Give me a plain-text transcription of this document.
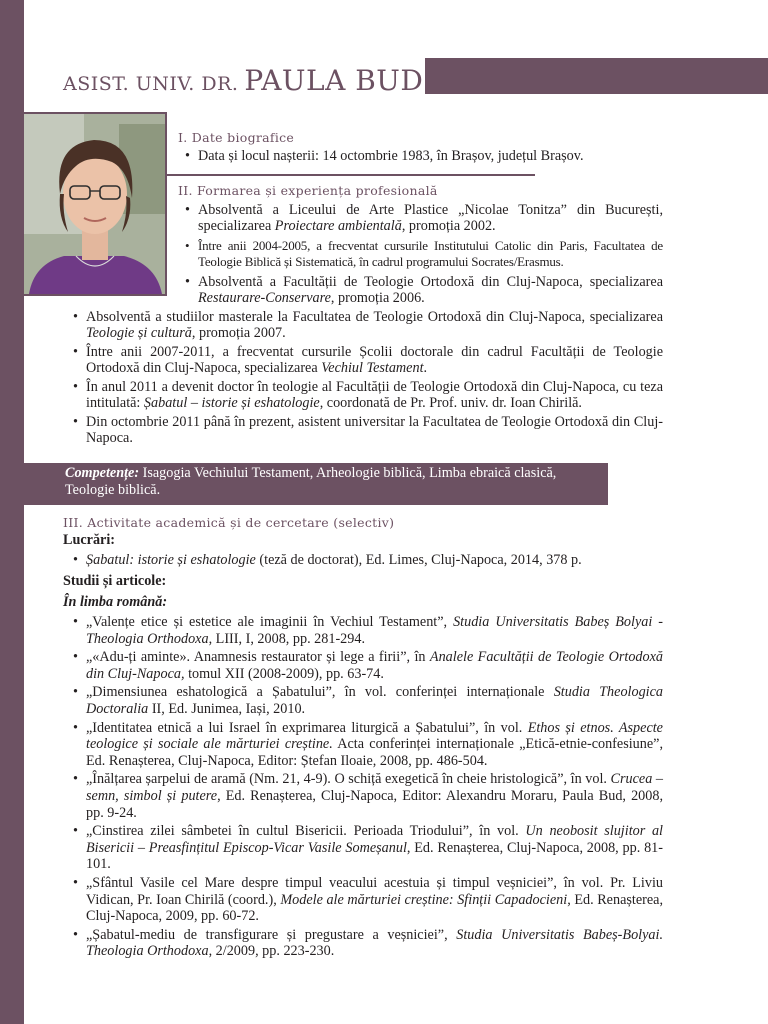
ASIST. UNIV. DR. PAULA BUD
I. Date biografice
• Data și locul nașterii: 14 octombrie 1983, în Brașov, județul Brașov.
II. Formarea și experiența profesională
• Absolventă a Liceului de Arte Plastice „Nicolae Tonitza” din București, specializarea Proiectare ambientală, promoția 2002.
• Între anii 2004-2005, a frecventat cursurile Institutului Catolic din Paris, Facultatea de Teologie Biblică și Sistematică, în cadrul programului Socrates/Erasmus.
• Absolventă a Facultății de Teologie Ortodoxă din Cluj-Napoca, specializarea Restaurare-Conservare, promoția 2006.
• Absolventă a studiilor masterale la Facultatea de Teologie Ortodoxă din Cluj-Napoca, specializarea Teologie și cultură, promoția 2007.
• Între anii 2007-2011, a frecventat cursurile Școlii doctorale din cadrul Facultății de Teologie Ortodoxă din Cluj-Napoca, specializarea Vechiul Testament.
• În anul 2011 a devenit doctor în teologie al Facultății de Teologie Ortodoxă din Cluj-Napoca, cu teza intitulată: Șabatul – istorie și eshatologie, coordonată de Pr. Prof. univ. dr. Ioan Chirilă.
• Din octombrie 2011 până în prezent, asistent universitar la Facultatea de Teologie Ortodoxă din Cluj-Napoca.
Competențe: Isagogia Vechiului Testament, Arheologie biblică, Limba ebraică clasică, Teologie biblică.
III. Activitate academică și de cercetare (selectiv)

Lucrări:

• Șabatul: istorie și eshatologie (teză de doctorat), Ed. Limes, Cluj-Napoca, 2014, 378 p.

Studii și articole:

În limba română:

• „Valențe etice și estetice ale imaginii în Vechiul Testament”, Studia Universitatis Babeș Bolyai - Theologia Orthodoxa, LIII, I, 2008, pp. 281-294.
• „«Adu-ți aminte». Anamnesis restaurator și lege a firii”, în Analele Facultății de Teologie Ortodoxă din Cluj-Napoca, tomul XII (2008-2009), pp. 63-74.
• „Dimensiunea eshatologică a Șabatului”, în vol. conferinței internaționale Studia Theologica Doctoralia II, Ed. Junimea, Iași, 2010.
• „Identitatea etnică a lui Israel în exprimarea liturgică a Șabatului”, în vol. Ethos și etnos. Aspecte teologice și sociale ale mărturiei creștine. Acta conferinței internaționale „Etică-etnie-confesiune”, Ed. Renașterea, Cluj-Napoca, Editor: Ștefan Iloaie, 2008, pp. 486-504.
• „Înălțarea șarpelui de aramă (Nm. 21, 4-9). O schiță exegetică în cheie hristologică”, în vol. Crucea – semn, simbol și putere, Ed. Renașterea, Cluj-Napoca, Editor: Alexandru Moraru, Paula Bud, 2008, pp. 9-24.
• „Cinstirea zilei sâmbetei în cultul Bisericii. Perioada Triodului”, în vol. Un neobosit slujitor al Bisericii – Preasfințitul Episcop-Vicar Vasile Someșanul, Ed. Renașterea, Cluj-Napoca, 2008, pp. 81-101.
• „Sfântul Vasile cel Mare despre timpul veacului acestuia și timpul veșniciei”, în vol. Pr. Liviu Vidican, Pr. Ioan Chirilă (coord.), Modele ale mărturiei creștine: Sfinții Capadocieni, Ed. Renașterea, Cluj-Napoca, 2009, pp. 60-72.
• „Șabatul-mediu de transfigurare și pregustare a veșniciei”, Studia Universitatis Babeș-Bolyai. Theologia Orthodoxa, 2/2009, pp. 223-230.
